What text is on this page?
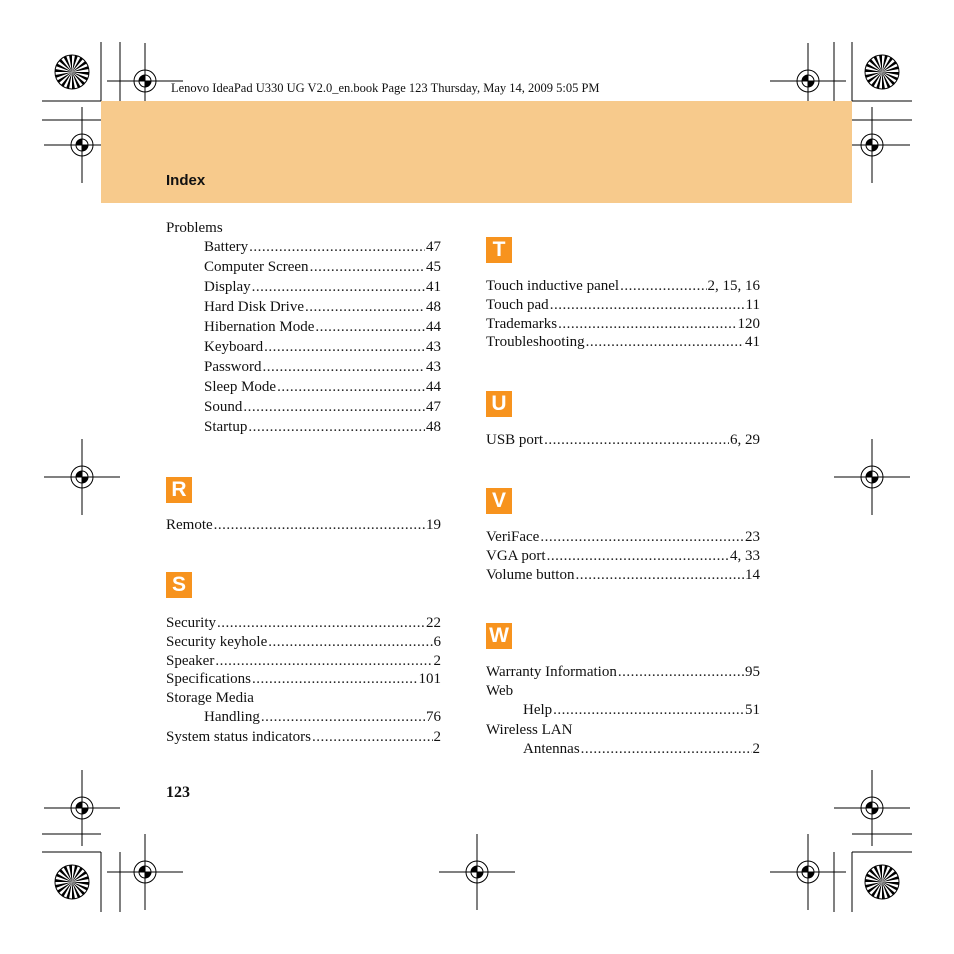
Lenovo IdeaPad U330 UG V2.0_en.book Page 123 Thursday, May 14, 2009 5:05 PM
Index
Problems
Battery .....	47
Computer Screen .....	45
Display .....	41
Hard Disk Drive .....	48
Hibernation Mode .....	44
Keyboard .....	43
Password .....	43
Sleep Mode .....	44
Sound .....	47
Startup .....	48
R
Remote .....	19
S
Security .....	22
Security keyhole .....	6
Speaker .....	2
Specifications .....	101
Storage Media
Handling .....	76
System status indicators .....	2
T
Touch inductive panel .....	2, 15, 16
Touch pad .....	11
Trademarks .....	120
Troubleshooting .....	41
U
USB port .....	6, 29
V
VeriFace .....	23
VGA port .....	4, 33
Volume button .....	14
W
Warranty Information .....	95
Web
Help .....	51
Wireless LAN
Antennas .....	2
123
